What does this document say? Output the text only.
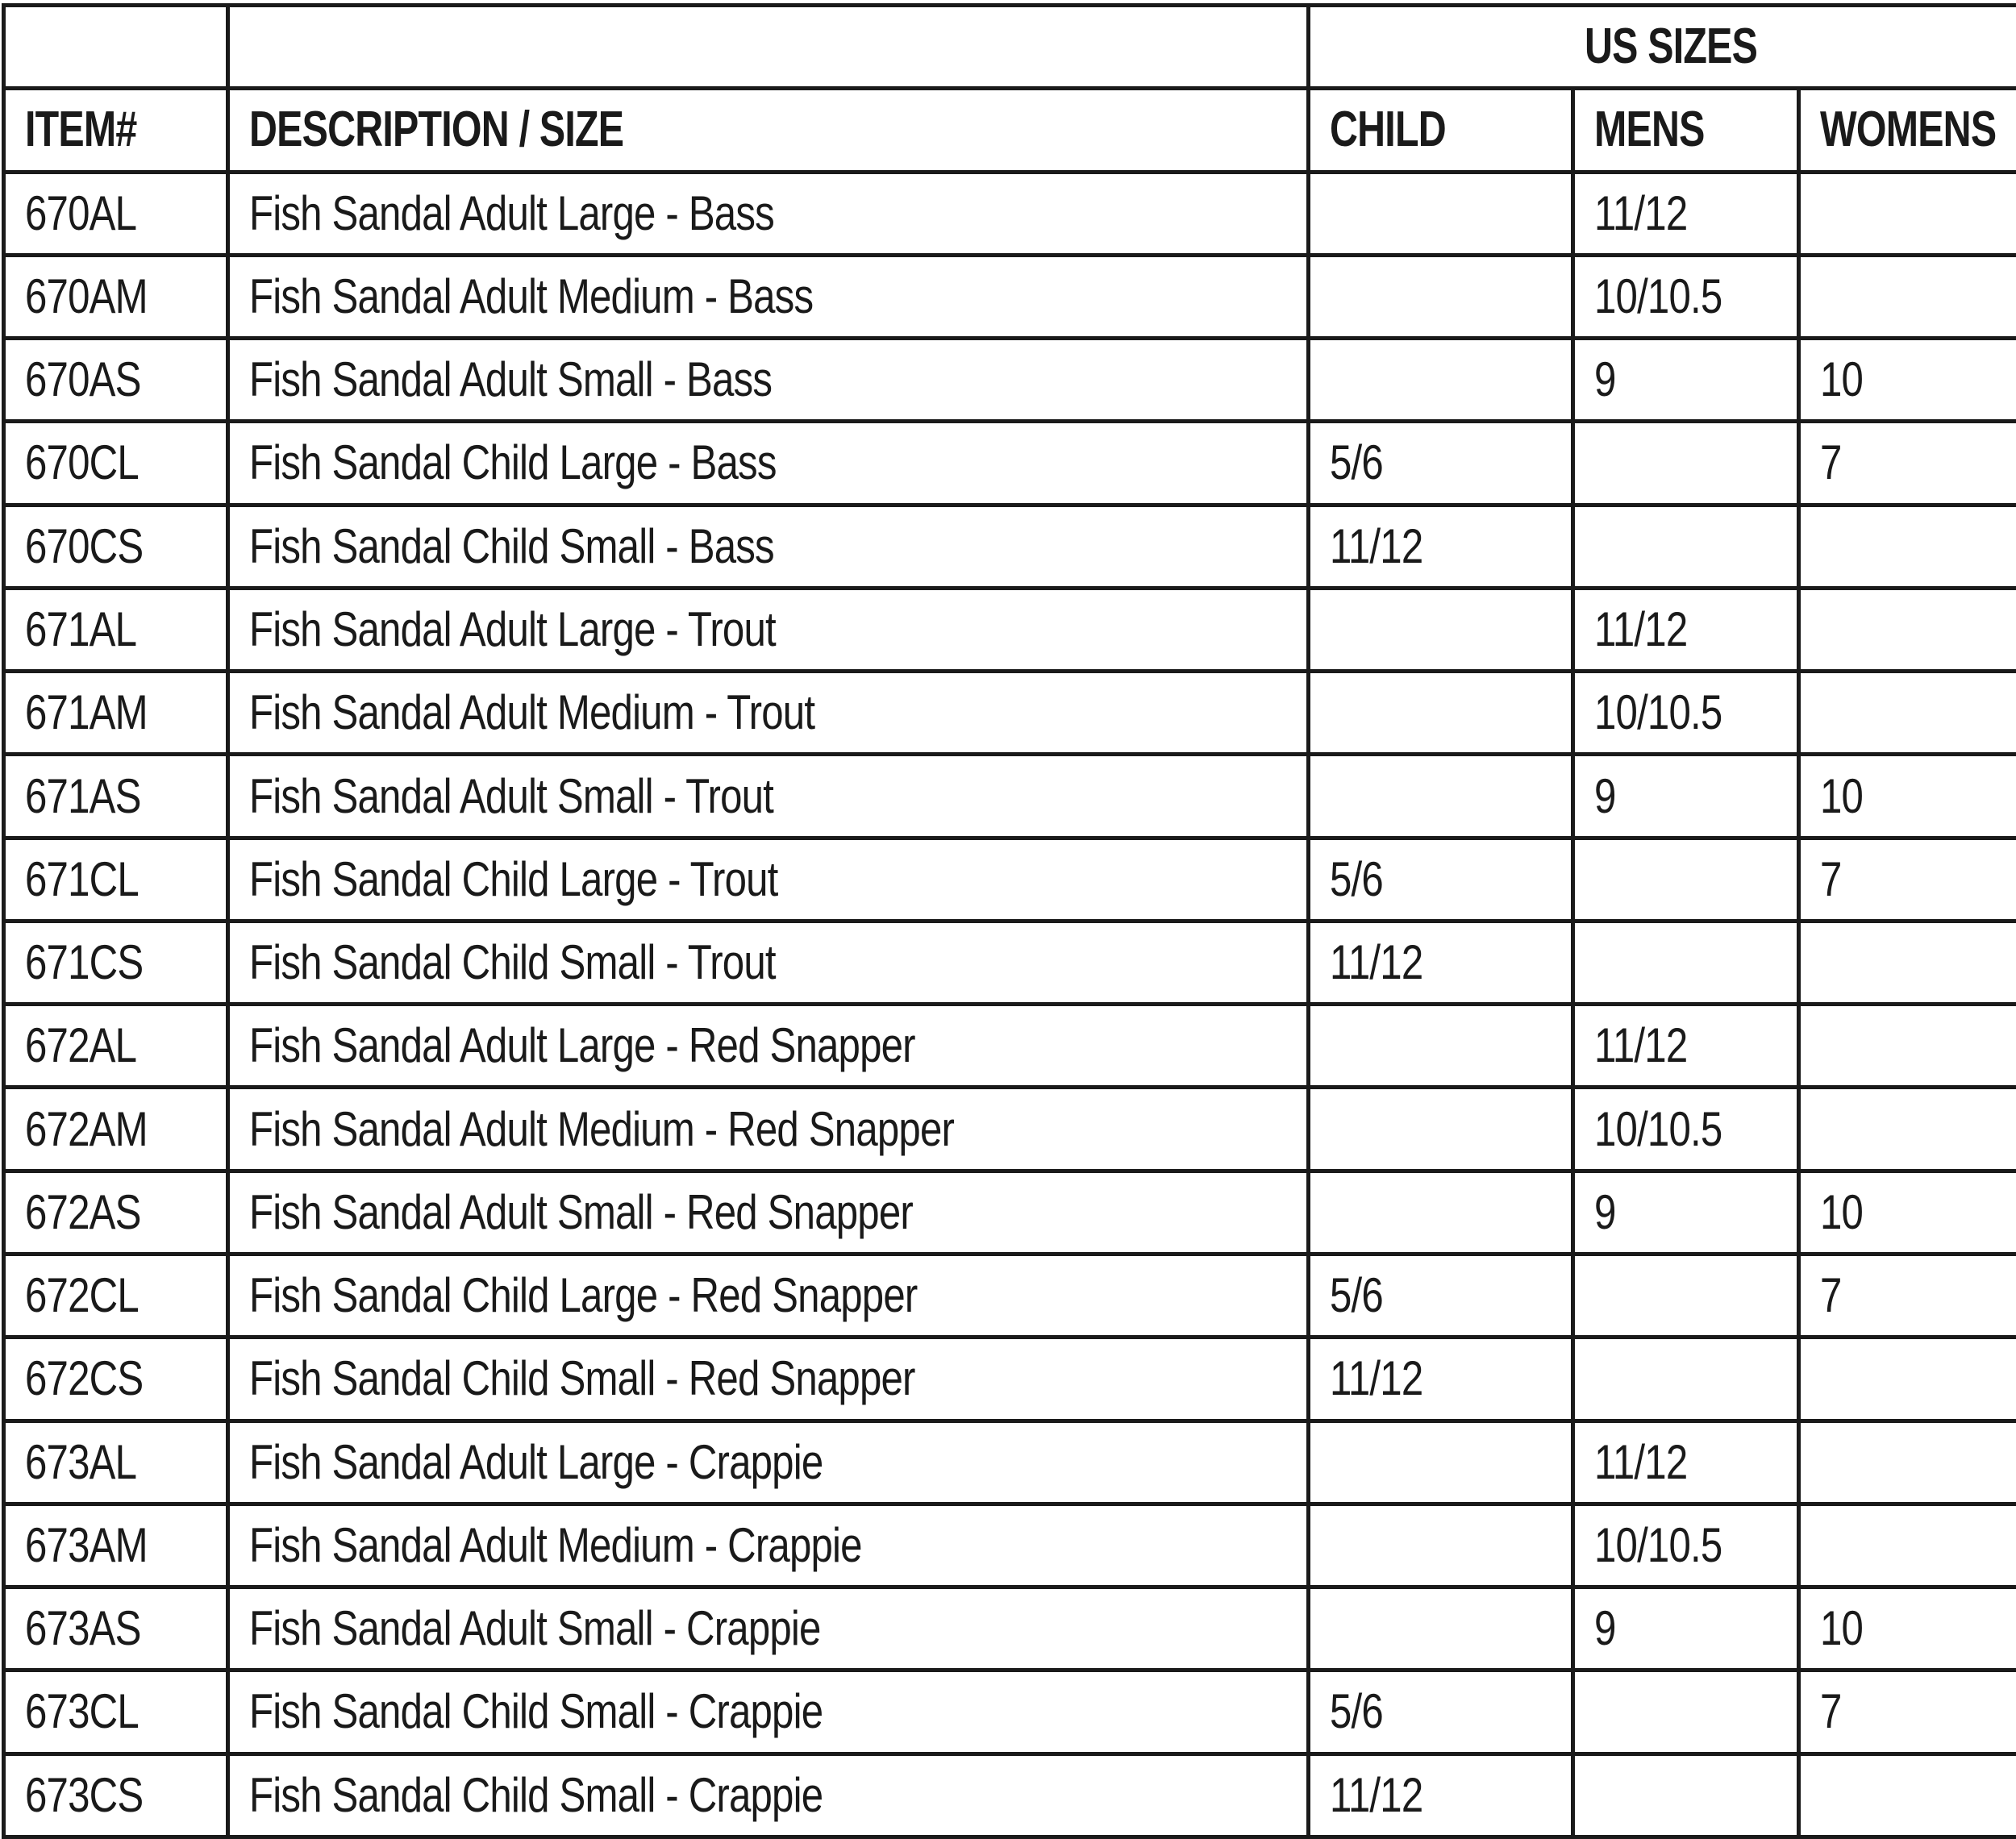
		US SIZES		
ITEM#	DESCRIPTION / SIZE	CHILD	MENS	WOMENS
670AL	Fish Sandal Adult Large - Bass		11/12	
670AM	Fish Sandal Adult Medium - Bass		10/10.5	
670AS	Fish Sandal Adult Small - Bass		9	10
670CL	Fish Sandal Child Large - Bass	5/6		7
670CS	Fish Sandal Child Small - Bass	11/12		
671AL	Fish Sandal Adult Large - Trout		11/12	
671AM	Fish Sandal Adult Medium - Trout		10/10.5	
671AS	Fish Sandal Adult Small - Trout		9	10
671CL	Fish Sandal Child Large - Trout	5/6		7
671CS	Fish Sandal Child Small - Trout	11/12		
672AL	Fish Sandal Adult Large - Red Snapper		11/12	
672AM	Fish Sandal Adult Medium - Red Snapper		10/10.5	
672AS	Fish Sandal Adult Small - Red Snapper		9	10
672CL	Fish Sandal Child Large - Red Snapper	5/6		7
672CS	Fish Sandal Child Small - Red Snapper	11/12		
673AL	Fish Sandal Adult Large - Crappie		11/12	
673AM	Fish Sandal Adult Medium - Crappie		10/10.5	
673AS	Fish Sandal Adult Small - Crappie		9	10
673CL	Fish Sandal Child Small - Crappie	5/6		7
673CS	Fish Sandal Child Small - Crappie	11/12		
